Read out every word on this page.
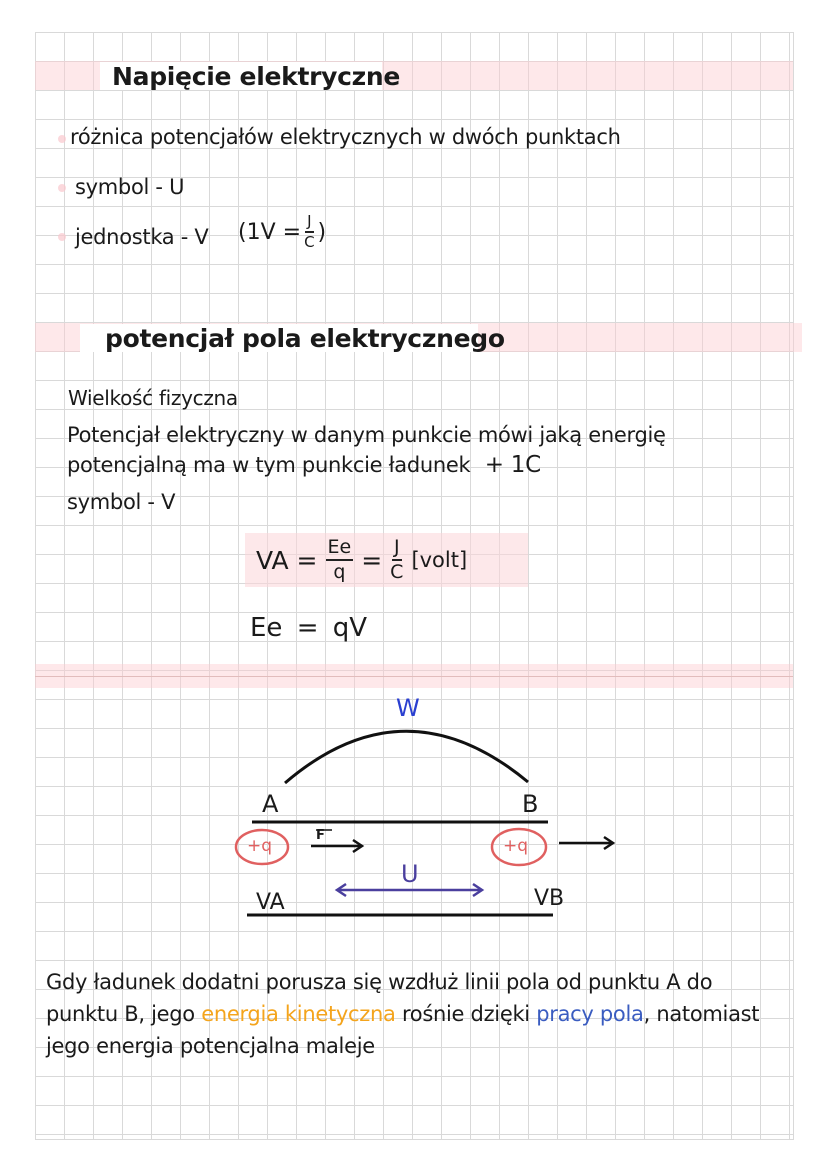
Napięcie elektryczne
różnica potencjałów elektrycznych w dwóch punktach
symbol - U
jednostka - V ($1V = \frac{J}{C}$ )
potencjał pola elektrycznego
Wielkość fizyczna
Potencjał elektryczny w danym punkcie mówi jaką energię
potencjalną ma w tym punkcie ładunek + 1C
symbol - V
VA = $\frac{Ee}{q} = \frac{J}{C}$ [volt]
Ee = qV
W
A	B
+q	+q
F
U
VA	VB
Gdy ładunek dodatni porusza się wzdłuż linii pola od punktu A do
punktu B, jego energia kinetyczna rośnie dzięki pracy pola, natomiast
jego energia potencjalna maleje
